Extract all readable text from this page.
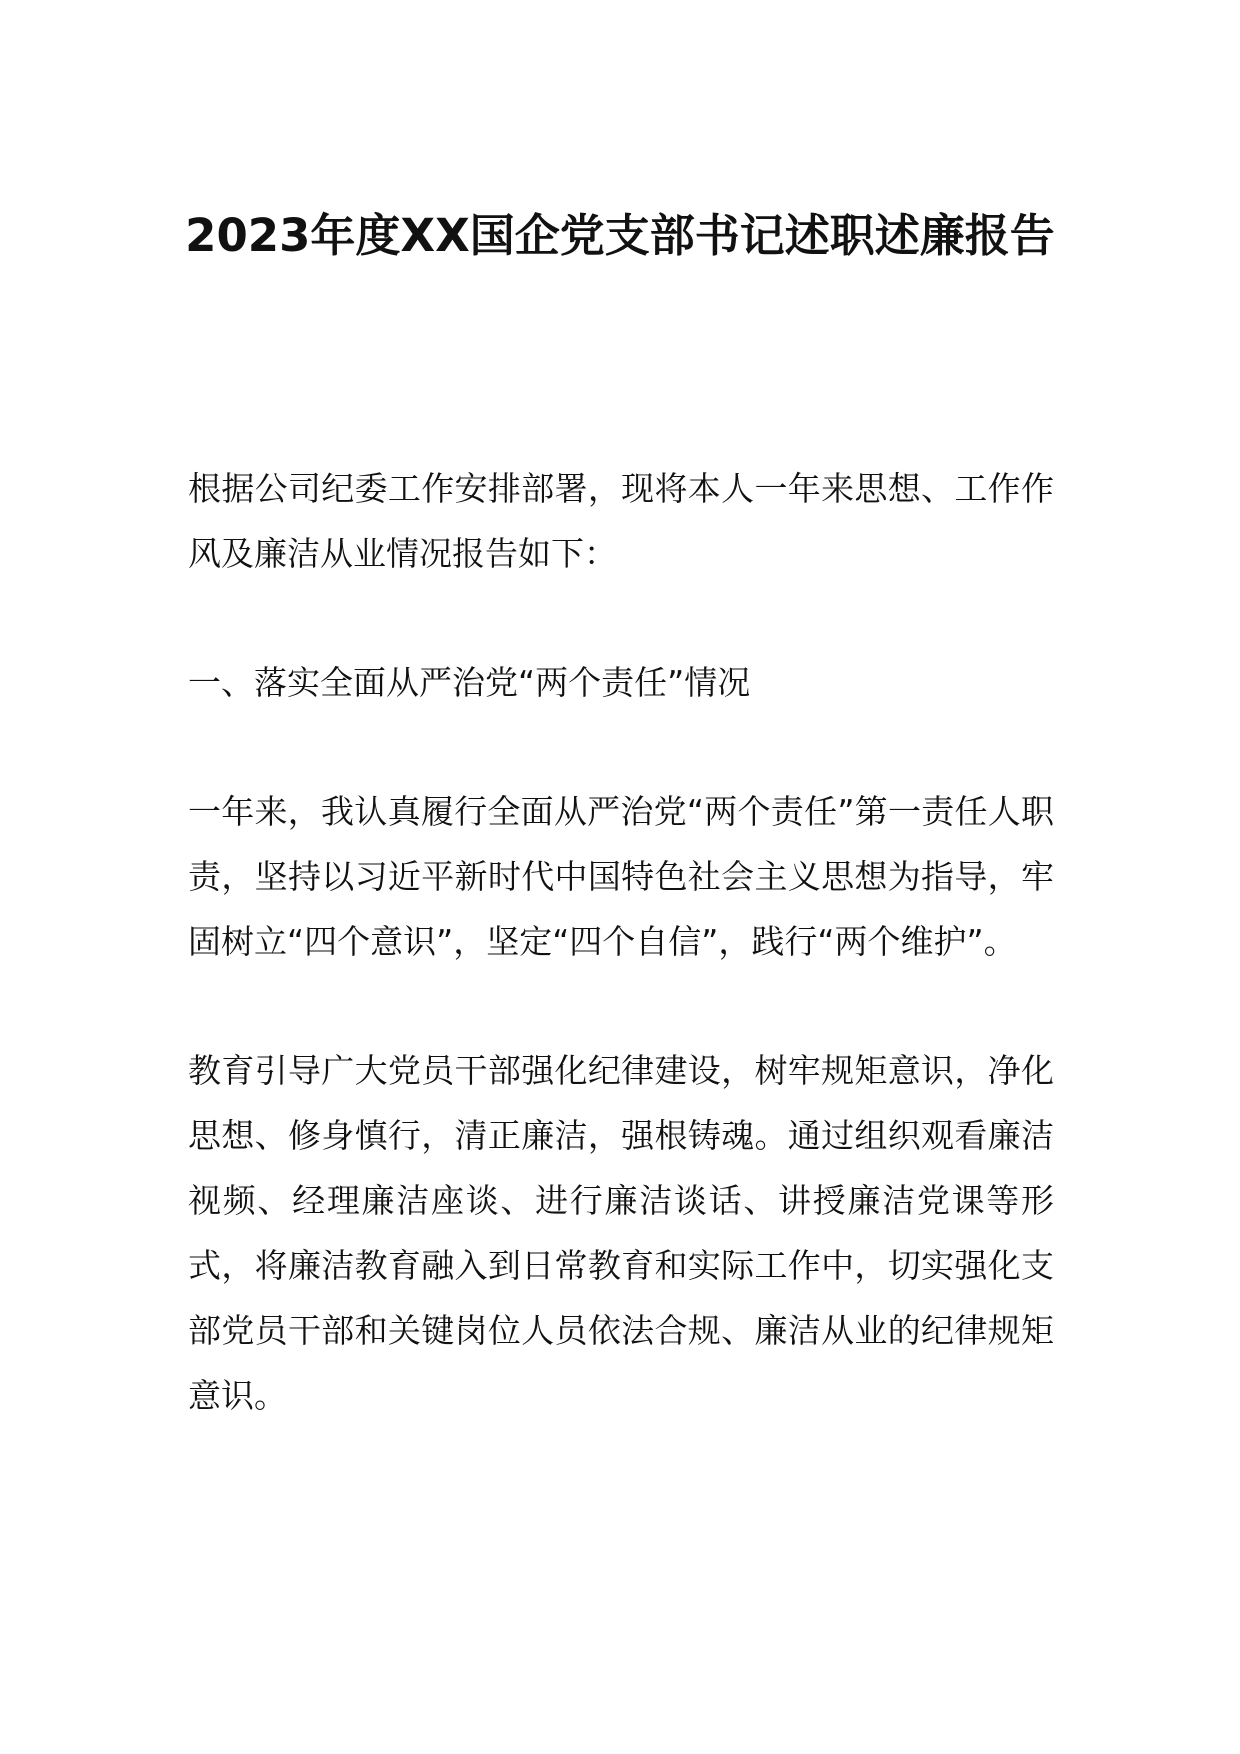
2023年度XX国企党支部书记述职述廉报告

根据公司纪委工作安排部署，现将本人一年来思想、工作作风及廉洁从业情况报告如下：

一、落实全面从严治党“两个责任”情况

一年来，我认真履行全面从严治党“两个责任”第一责任人职责，坚持以习近平新时代中国特色社会主义思想为指导，牢固树立“四个意识”，坚定“四个自信”，践行“两个维护”。

教育引导广大党员干部强化纪律建设，树牢规矩意识，净化思想、修身慎行，清正廉洁，强根铸魂。通过组织观看廉洁视频、经理廉洁座谈、进行廉洁谈话、讲授廉洁党课等形式，将廉洁教育融入到日常教育和实际工作中，切实强化支部党员干部和关键岗位人员依法合规、廉洁从业的纪律规矩意识。
